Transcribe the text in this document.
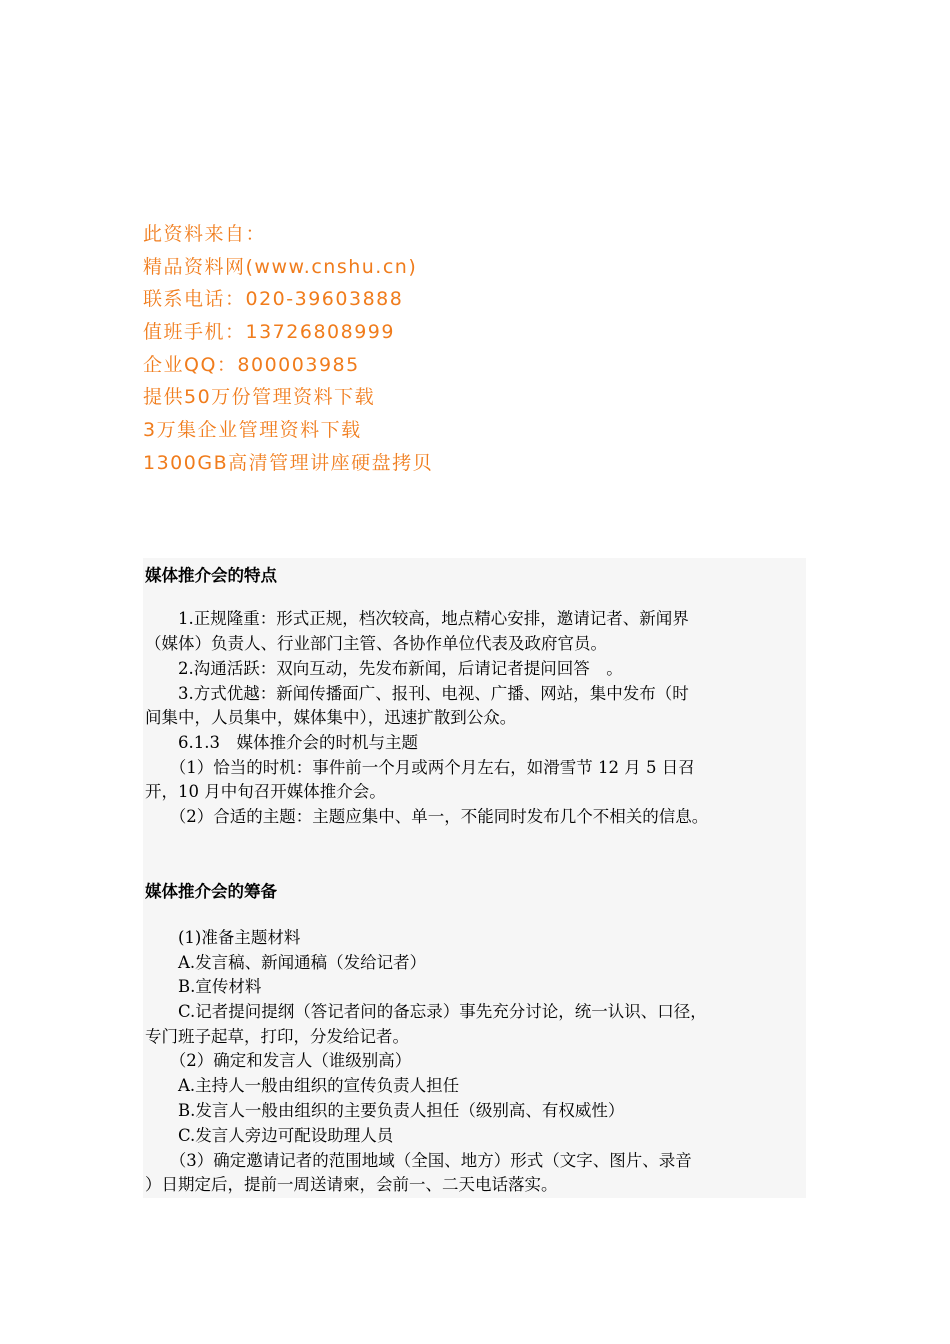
此资料来自：
精品资料网(www.cnshu.cn)
联系电话：020-39603888
值班手机：13726808999
企业QQ：800003985
提供50万份管理资料下载
3万集企业管理资料下载
1300GB高清管理讲座硬盘拷贝
媒体推介会的特点
　　1.正规隆重：形式正规，档次较高，地点精心安排，邀请记者、新闻界
（媒体）负责人、行业部门主管、各协作单位代表及政府官员。
　　2.沟通活跃：双向互动，先发布新闻，后请记者提问回答　。
　　3.方式优越：新闻传播面广、报刊、电视、广播、网站，集中发布（时
间集中，人员集中，媒体集中），迅速扩散到公众。
　　6.1.3　媒体推介会的时机与主题
　　（1）恰当的时机：事件前一个月或两个月左右，如滑雪节 12 月 5 日召
开，10 月中旬召开媒体推介会。
　　（2）合适的主题：主题应集中、单一，不能同时发布几个不相关的信息。
媒体推介会的筹备
　　(1)准备主题材料
　　A.发言稿、新闻通稿（发给记者）
　　B.宣传材料
　　C.记者提问提纲（答记者问的备忘录）事先充分讨论，统一认识、口径，
专门班子起草，打印，分发给记者。
　　（2）确定和发言人（谁级别高）
　　A.主持人一般由组织的宣传负责人担任
　　B.发言人一般由组织的主要负责人担任（级别高、有权威性）
　　C.发言人旁边可配设助理人员
　　（3）确定邀请记者的范围地域（全国、地方）形式（文字、图片、录音
）日期定后，提前一周送请柬，会前一、二天电话落实。
